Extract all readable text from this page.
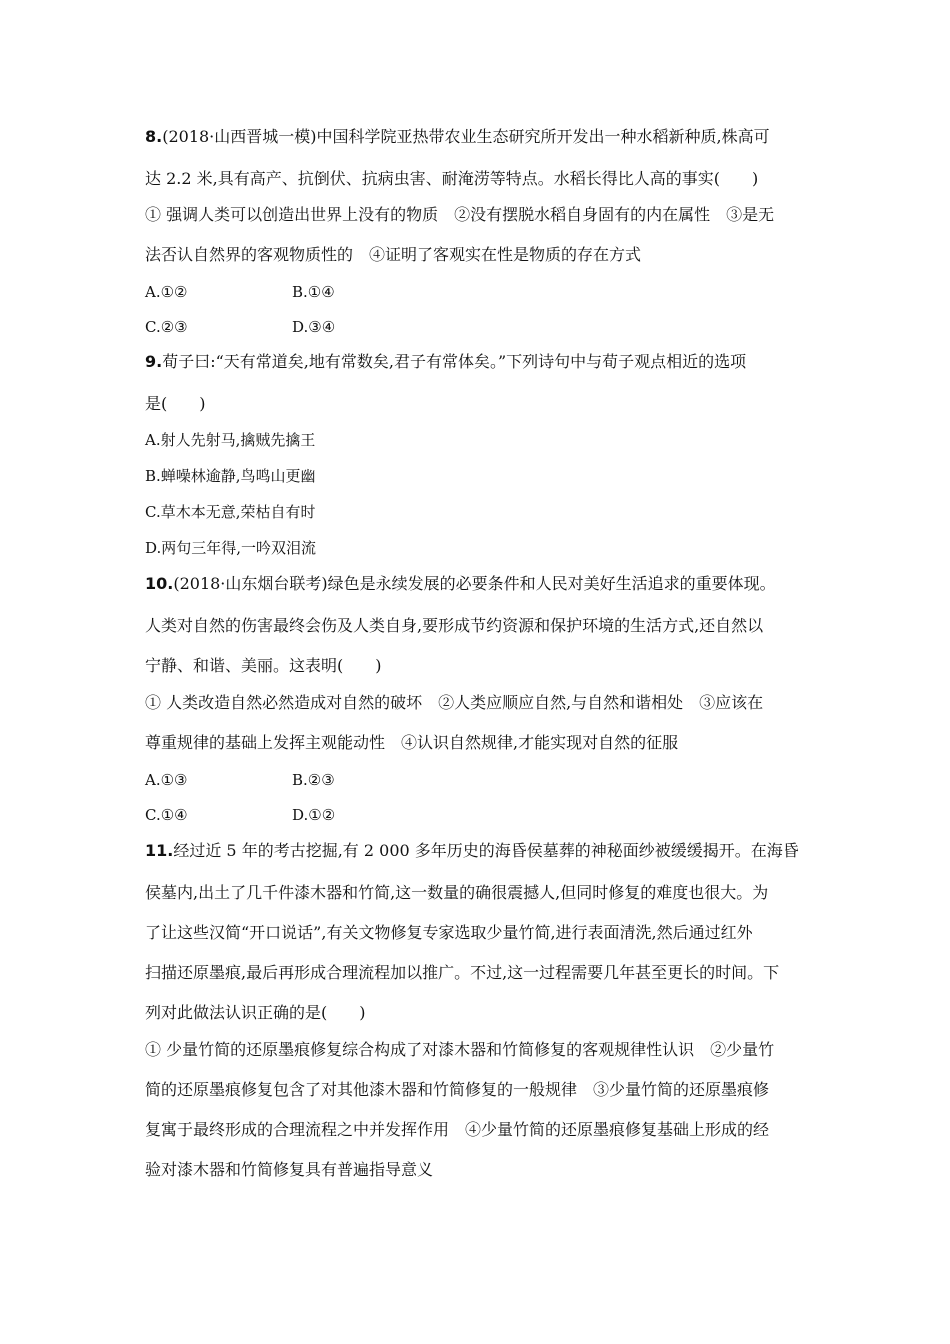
8.(2018·山西晋城一模)中国科学院亚热带农业生态研究所开发出一种水稻新种质,株高可
达 2.2 米,具有高产、抗倒伏、抗病虫害、耐淹涝等特点。水稻长得比人高的事实(　　)
① 强调人类可以创造出世界上没有的物质　②没有摆脱水稻自身固有的内在属性　③是无
法否认自然界的客观物质性的　④证明了客观实在性是物质的存在方式
A.①②	B.①④
C.②③	D.③④
9.荀子曰:“天有常道矣,地有常数矣,君子有常体矣。”下列诗句中与荀子观点相近的选项
是(　　)
A.射人先射马,擒贼先擒王
B.蝉噪林逾静,鸟鸣山更幽
C.草木本无意,荣枯自有时
D.两句三年得,一吟双泪流
10.(2018·山东烟台联考)绿色是永续发展的必要条件和人民对美好生活追求的重要体现。
人类对自然的伤害最终会伤及人类自身,要形成节约资源和保护环境的生活方式,还自然以
宁静、和谐、美丽。这表明(　　)
① 人类改造自然必然造成对自然的破坏　②人类应顺应自然,与自然和谐相处　③应该在
尊重规律的基础上发挥主观能动性　④认识自然规律,才能实现对自然的征服
A.①③	B.②③
C.①④	D.①②
11.经过近 5 年的考古挖掘,有 2 000 多年历史的海昏侯墓葬的神秘面纱被缓缓揭开。在海昏
侯墓内,出土了几千件漆木器和竹简,这一数量的确很震撼人,但同时修复的难度也很大。为
了让这些汉简“开口说话”,有关文物修复专家选取少量竹简,进行表面清洗,然后通过红外
扫描还原墨痕,最后再形成合理流程加以推广。不过,这一过程需要几年甚至更长的时间。下
列对此做法认识正确的是(　　)
① 少量竹简的还原墨痕修复综合构成了对漆木器和竹简修复的客观规律性认识　②少量竹
简的还原墨痕修复包含了对其他漆木器和竹简修复的一般规律　③少量竹简的还原墨痕修
复寓于最终形成的合理流程之中并发挥作用　④少量竹简的还原墨痕修复基础上形成的经
验对漆木器和竹简修复具有普遍指导意义
